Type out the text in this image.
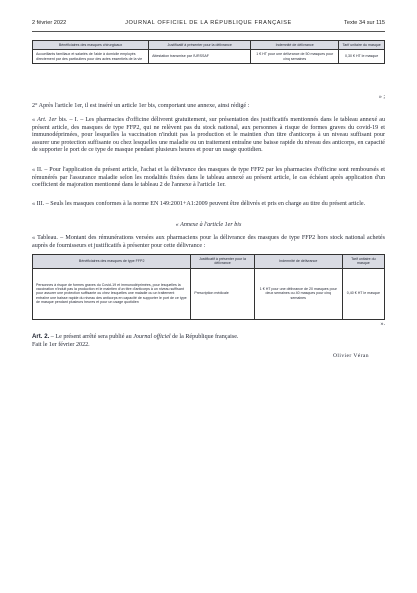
2 février 2022	JOURNAL OFFICIEL DE LA RÉPUBLIQUE FRANÇAISE	Texte 34 sur 115
Bénéficiaires des masques chirurgicaux	Justificatif à présenter pour la délivrance	Indemnité de délivrance	Tarif unitaire du masque
Accueillants familiaux et salariés de l'aide à domicile employés directement par des particuliers pour des actes essentiels de la vie	Attestation transmise par l'URSSAF	1 € HT pour une délivrance de 50 masques pour cinq semaines	0,30 € HT le masque
» ;
2° Après l'article 1er, il est inséré un article 1er bis, comportant une annexe, ainsi rédigé :
« Art. 1er bis. – I. – Les pharmacies d'officine délivrent gratuitement, sur présentation des justificatifs mentionnés dans le tableau annexé au présent article, des masques de type FFP2, qui ne relèvent pas du stock national, aux personnes à risque de formes graves du covid-19 et immunodéprimées, pour lesquelles la vaccination n'induit pas la production et le maintien d'un titre d'anticorps à un niveau suffisant pour assurer une protection suffisante ou chez lesquelles une maladie ou un traitement entraîne une baisse rapide du niveau des anticorps, en capacité de supporter le port de ce type de masque pendant plusieurs heures et pour un usage quotidien.
« II. – Pour l'application du présent article, l'achat et la délivrance des masques de type FFP2 par les pharmacies d'officine sont remboursés et rémunérés par l'assurance maladie selon les modalités fixées dans le tableau annexé au présent article, le cas échéant après application d'un coefficient de majoration mentionné dans le tableau 2 de l'annexe à l'article 1er.
« III. – Seuls les masques conformes à la norme EN 149:2001+A1:2009 peuvent être délivrés et pris en charge au titre du présent article.
« Annexe à l'article 1er bis
« Tableau. – Montant des rémunérations versées aux pharmaciens pour la délivrance des masques de type FFP2 hors stock national achetés auprès de fournisseurs et justificatifs à présenter pour cette délivrance :
Bénéficiaires des masques de type FFP2	Justificatif à présenter pour la délivrance	Indemnité de délivrance	Tarif unitaire du masque
Personnes à risque de formes graves du Covid-19 et immunodéprimées, pour lesquelles la vaccination n'induit pas la production et le maintien d'un titre d'anticorps à un niveau suffisant pour assurer une protection suffisante ou chez lesquelles une maladie ou un traitement entraîne une baisse rapide du niveau des anticorps en capacité de supporter le port de ce type de masque pendant plusieurs heures et pour un usage quotidien	Prescription médicale	1 € HT pour une délivrance de 20 masques pour deux semaines ou 40 masques pour cinq semaines	0,40 € HT le masque
».
Art. 2. – Le présent arrêté sera publié au Journal officiel de la République française.
Fait le 1er février 2022.
Olivier Véran
